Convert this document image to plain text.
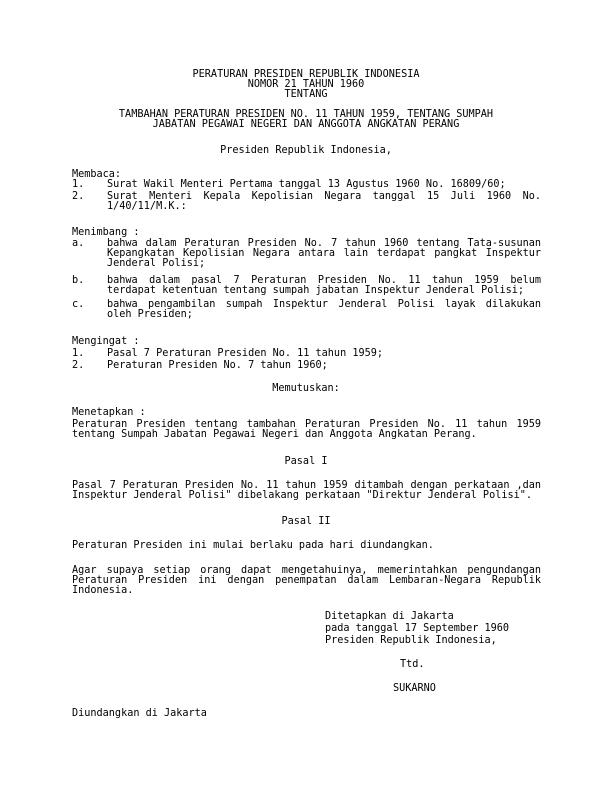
PERATURAN PRESIDEN REPUBLIK INDONESIA
NOMOR 21 TAHUN 1960
TENTANG
TAMBAHAN PERATURAN PRESIDEN NO. 11 TAHUN 1959, TENTANG SUMPAH
JABATAN PEGAWAI NEGERI DAN ANGGOTA ANGKATAN PERANG
Presiden Republik Indonesia,
Membaca:
1. Surat Wakil Menteri Pertama tanggal 13 Agustus 1960 No. 16809/60;
2. Surat Menteri Kepala Kepolisian Negara tanggal 15 Juli 1960 No. 1/40/11/M.K.:
Menimbang :
a. bahwa dalam Peraturan Presiden No. 7 tahun 1960 tentang Tata-susunan Kepangkatan Kepolisian Negara antara lain terdapat pangkat Inspektur Jenderal Polisi;
b. bahwa dalam pasal 7 Peraturan Presiden No. 11 tahun 1959 belum terdapat ketentuan tentang sumpah jabatan Inspektur Jenderal Polisi;
c. bahwa pengambilan sumpah Inspektur Jenderal Polisi layak dilakukan oleh Presiden;
Mengingat :
1. Pasal 7 Peraturan Presiden No. 11 tahun 1959;
2. Peraturan Presiden No. 7 tahun 1960;
Memutuskan:
Menetapkan :
Peraturan Presiden tentang tambahan Peraturan Presiden No. 11 tahun 1959 tentang Sumpah Jabatan Pegawai Negeri dan Anggota Angkatan Perang.
Pasal I
Pasal 7 Peraturan Presiden No. 11 tahun 1959 ditambah dengan perkataan ,dan Inspektur Jenderal Polisi" dibelakang perkataan "Direktur Jenderal Polisi".
Pasal II
Peraturan Presiden ini mulai berlaku pada hari diundangkan.
Agar supaya setiap orang dapat mengetahuinya, memerintahkan pengundangan Peraturan Presiden ini dengan penempatan dalam Lembaran-Negara Republik Indonesia.
Ditetapkan di Jakarta
pada tanggal 17 September 1960
Presiden Republik Indonesia,
Ttd.
SUKARNO
Diundangkan di Jakarta
